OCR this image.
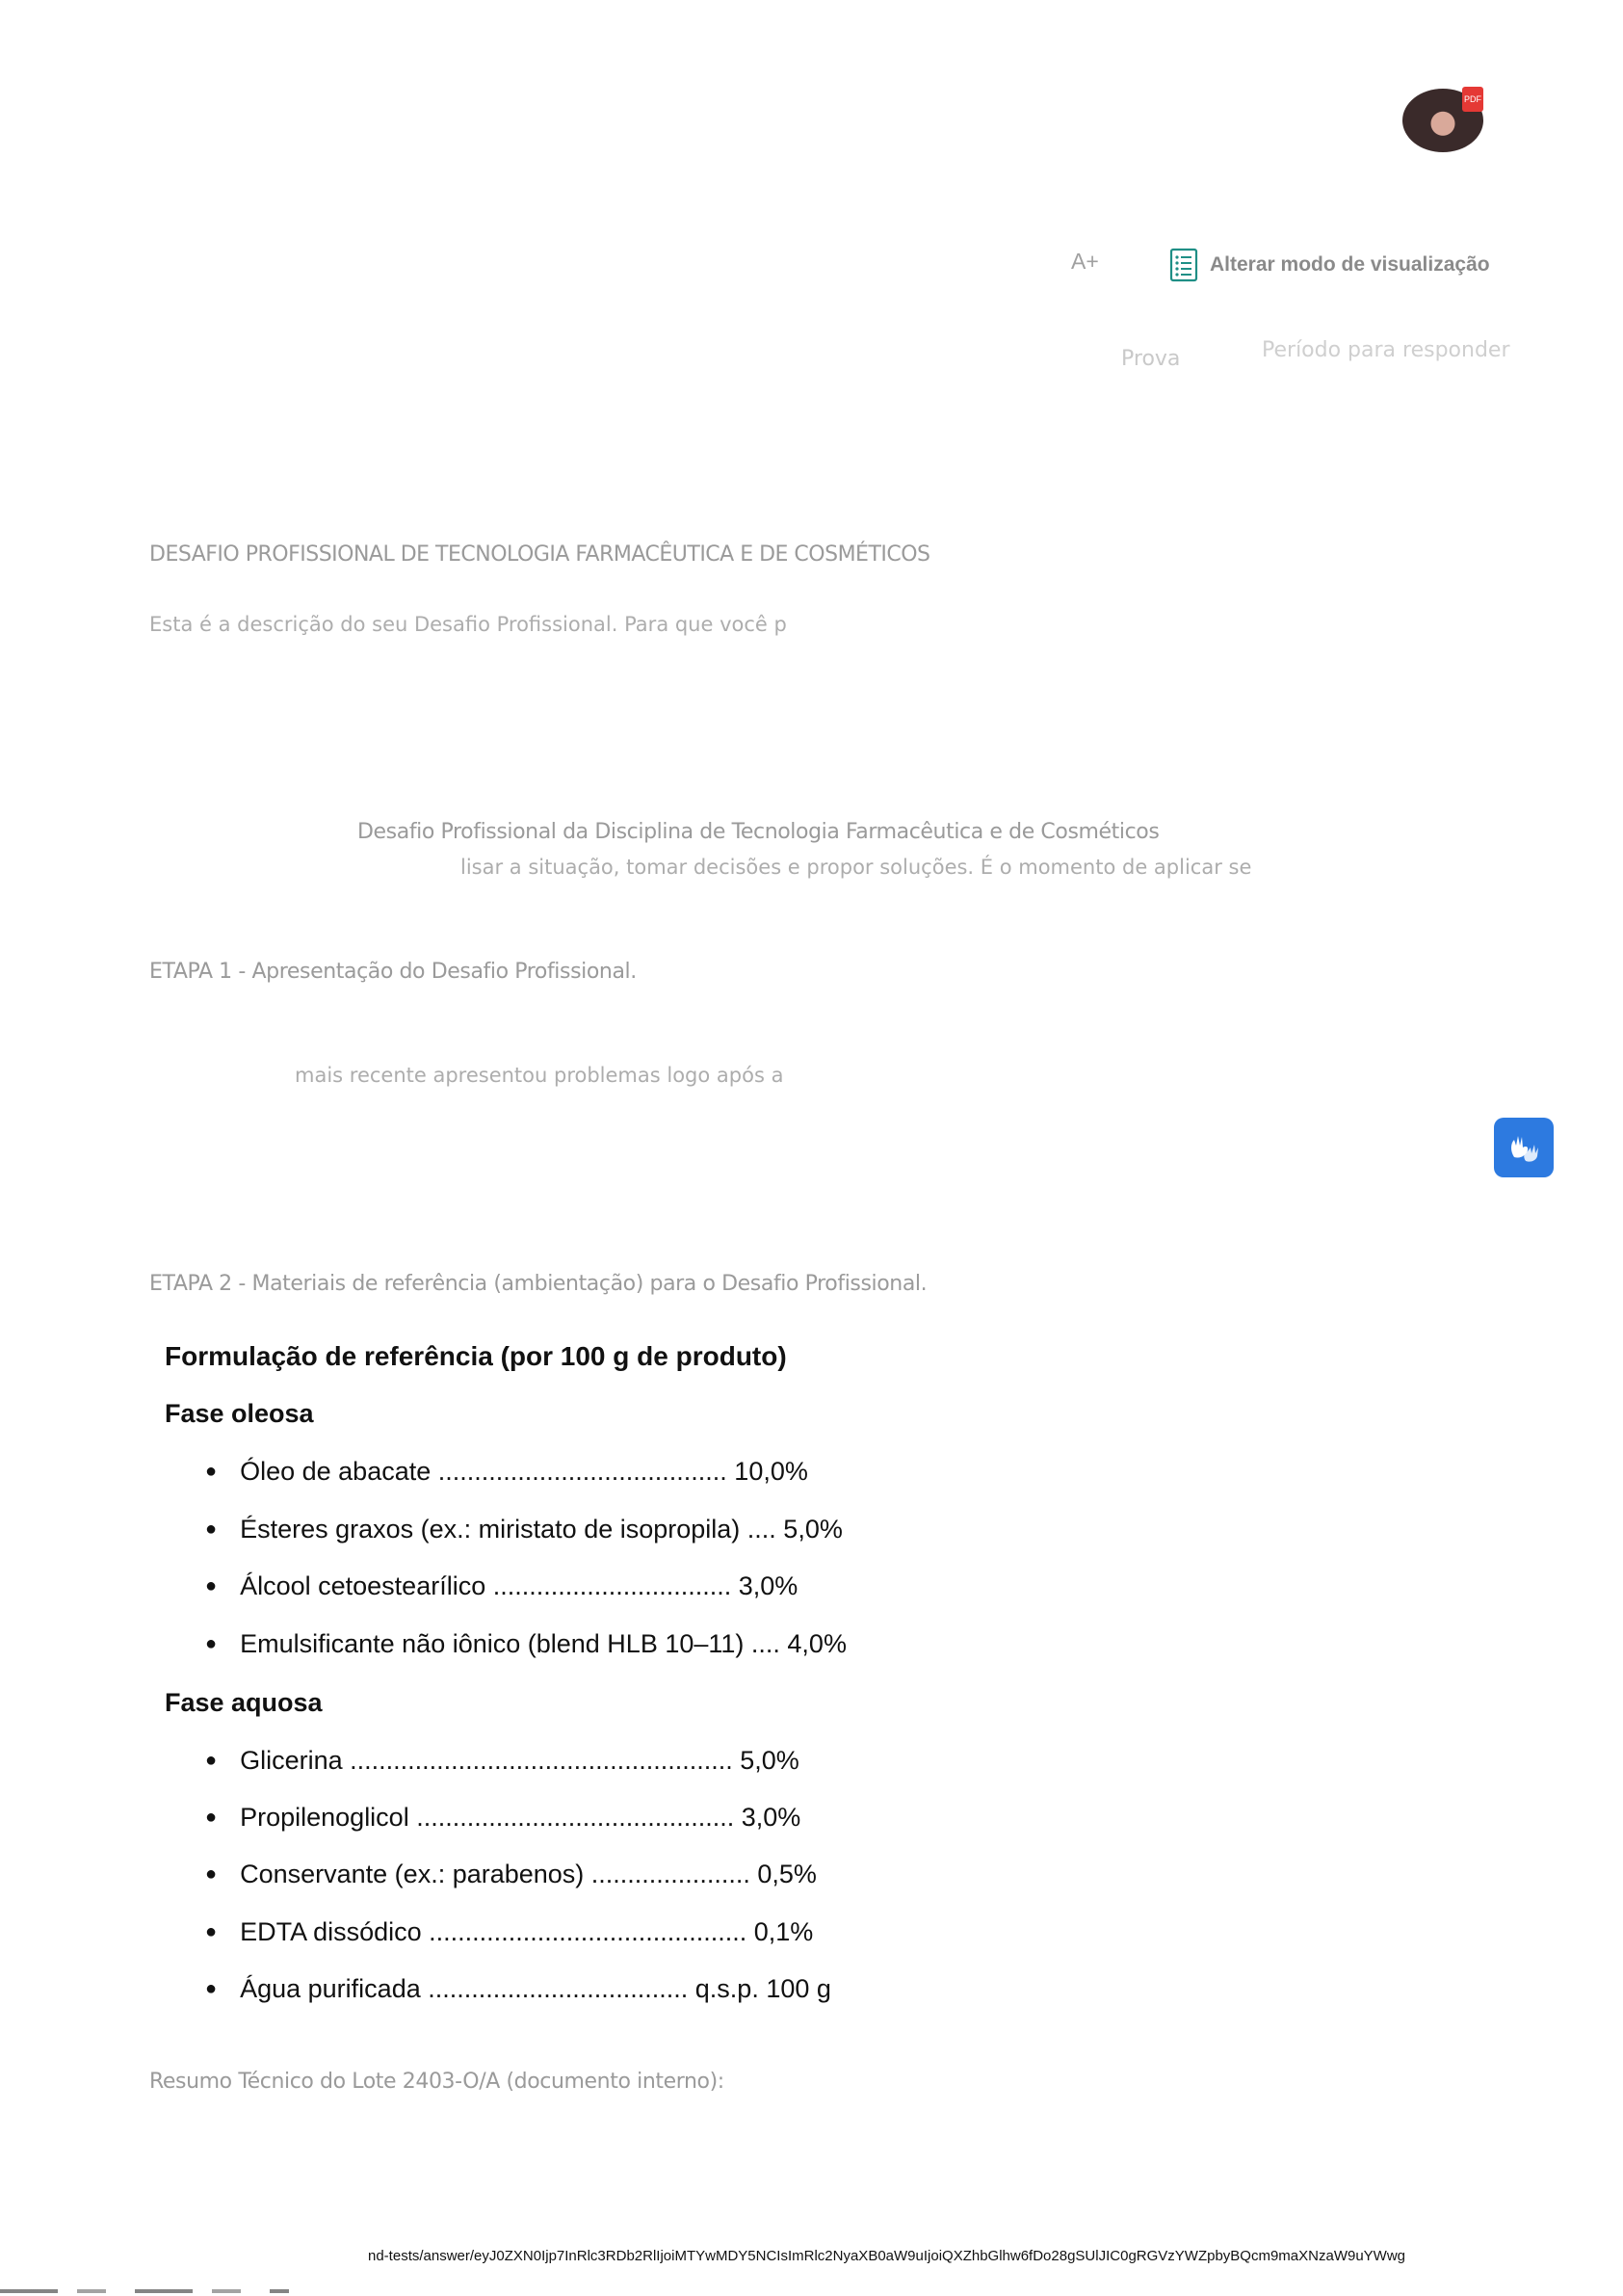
PDF
A+	Alterar modo de visualização
Prova	Período para responder
DESAFIO PROFISSIONAL DE TECNOLOGIA FARMACÊUTICA E DE COSMÉTICOS
Esta é a descrição do seu Desafio Profissional. Para que você p
Desafio Profissional da Disciplina de Tecnologia Farmacêutica e de Cosméticos
lisar a situação, tomar decisões e propor soluções. É o momento de aplicar se
ETAPA 1 - Apresentação do Desafio Profissional.
mais recente apresentou problemas logo após a
ETAPA 2 - Materiais de referência (ambientação) para o Desafio Profissional.
Formulação de referência (por 100 g de produto)

Fase oleosa

● Óleo de abacate ........................................ 10,0%
● Ésteres graxos (ex.: miristato de isopropila) .... 5,0%
● Álcool cetoestearílico ................................. 3,0%
● Emulsificante não iônico (blend HLB 10–11) .... 4,0%

Fase aquosa

● Glicerina ..................................................... 5,0%
● Propilenoglicol ............................................ 3,0%
● Conservante (ex.: parabenos) ...................... 0,5%
● EDTA dissódico ............................................ 0,1%
● Água purificada .................................... q.s.p. 100 g
Resumo Técnico do Lote 2403-O/A (documento interno):
nd-tests/answer/eyJ0ZXN0Ijp7InRlc3RDb2RlIjoiMTYwMDY5NCIsImRlc2NyaXB0aW9uIjoiQXZhbGlhw6fDo28gSUlJIC0gRGVzYWZpbyBQcm9maXNzaW9uYWwg
